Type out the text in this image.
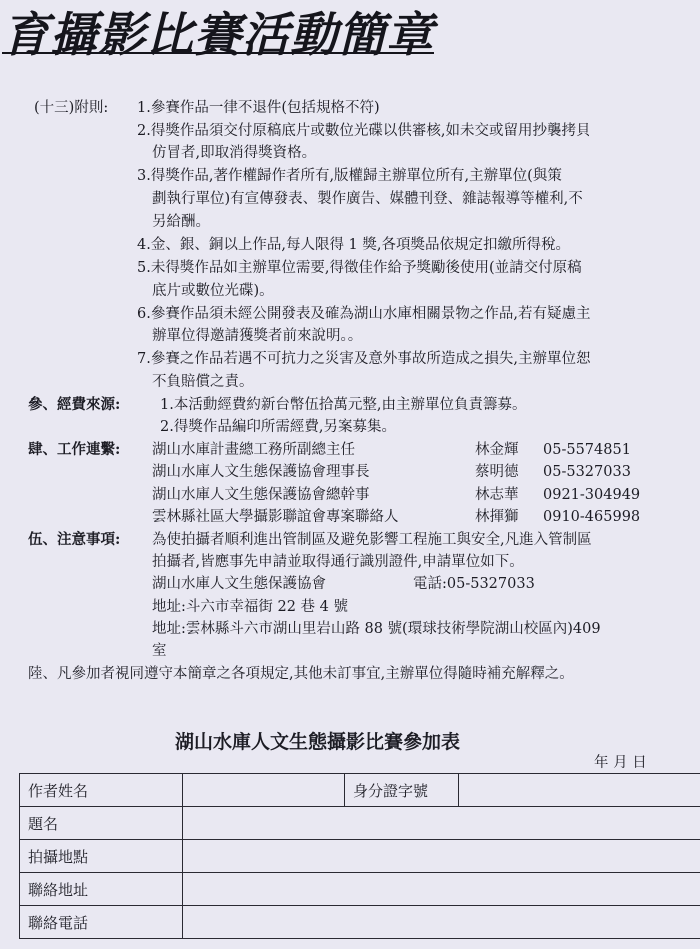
育攝影比賽活動簡章
(十三)附則: 1.參賽作品一律不退件(包括規格不符)
2.得獎作品須交付原稿底片或數位光碟以供審核,如未交或留用抄襲拷貝
仿冒者,即取消得獎資格。
3.得獎作品,著作權歸作者所有,版權歸主辦單位所有,主辦單位(與策
劃執行單位)有宣傳發表、製作廣告、媒體刊登、雜誌報導等權利,不
另給酬。
4.金、銀、銅以上作品,每人限得 1 獎,各項獎品依規定扣繳所得稅。
5.未得獎作品如主辦單位需要,得徵佳作給予獎勵後使用(並請交付原稿
底片或數位光碟)。
6.參賽作品須未經公開發表及確為湖山水庫相關景物之作品,若有疑慮主
辦單位得邀請獲獎者前來說明。。
7.參賽之作品若遇不可抗力之災害及意外事故所造成之損失,主辦單位恕
不負賠償之責。
參、經費來源:	1.本活動經費約新台幣伍拾萬元整,由主辦單位負責籌募。
2.得獎作品編印所需經費,另案募集。
肆、工作連繫: 湖山水庫計畫總工務所副總主任	林金輝 05-5574851
湖山水庫人文生態保護協會理事長	蔡明德 05-5327033
湖山水庫人文生態保護協會總幹事	林志華 0921-304949
雲林縣社區大學攝影聯誼會專案聯絡人	林揮獅 0910-465998
伍、注意事項: 為使拍攝者順利進出管制區及避免影響工程施工與安全,凡進入管制區
拍攝者,皆應事先申請並取得通行識別證件,申請單位如下。
湖山水庫人文生態保護協會	電話:05-5327033
地址:斗六市幸福街 22 巷 4 號
地址:雲林縣斗六市湖山里岩山路 88 號(環球技術學院湖山校區內)409
室
陸、凡參加者視同遵守本簡章之各項規定,其他未訂事宜,主辦單位得隨時補充解釋之。
湖山水庫人文生態攝影比賽參加表
年 月 日
作者姓名		身分證字號	
題名			
拍攝地點			
聯絡地址			
聯絡電話			
